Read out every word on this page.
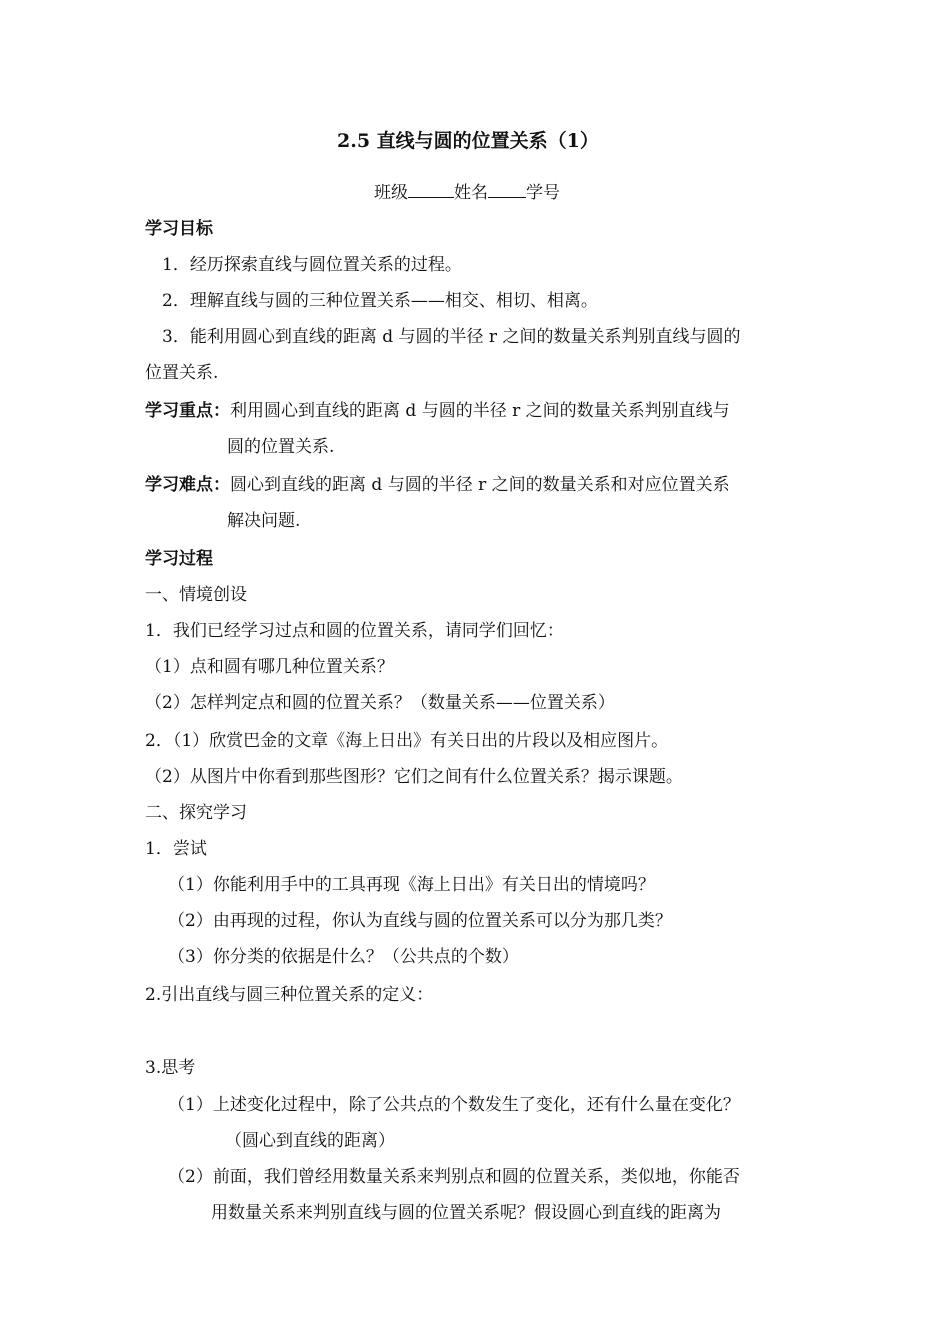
2.5 直线与圆的位置关系（1）
班级	姓名 学号
学习目标
1．经历探索直线与圆位置关系的过程。
2．理解直线与圆的三种位置关系——相交、相切、相离。
3．能利用圆心到直线的距离 d 与圆的半径 r 之间的数量关系判别直线与圆的
位置关系.
学习重点：利用圆心到直线的距离 d 与圆的半径 r 之间的数量关系判别直线与
圆的位置关系.
学习难点：圆心到直线的距离 d 与圆的半径 r 之间的数量关系和对应位置关系
解决问题.
学习过程
一、情境创设
1．我们已经学习过点和圆的位置关系，请同学们回忆：
（1）点和圆有哪几种位置关系？
（2）怎样判定点和圆的位置关系？（数量关系——位置关系）
2．（1）欣赏巴金的文章《海上日出》有关日出的片段以及相应图片。
（2）从图片中你看到那些图形？它们之间有什么位置关系？揭示课题。
二、探究学习
1．尝试
（1）你能利用手中的工具再现《海上日出》有关日出的情境吗？
（2）由再现的过程，你认为直线与圆的位置关系可以分为那几类？
（3）你分类的依据是什么？（公共点的个数）
2.引出直线与圆三种位置关系的定义：
3.思考
（1）上述变化过程中，除了公共点的个数发生了变化，还有什么量在变化？
（圆心到直线的距离）
（2）前面，我们曾经用数量关系来判别点和圆的位置关系，类似地，你能否
用数量关系来判别直线与圆的位置关系呢？假设圆心到直线的距离为
